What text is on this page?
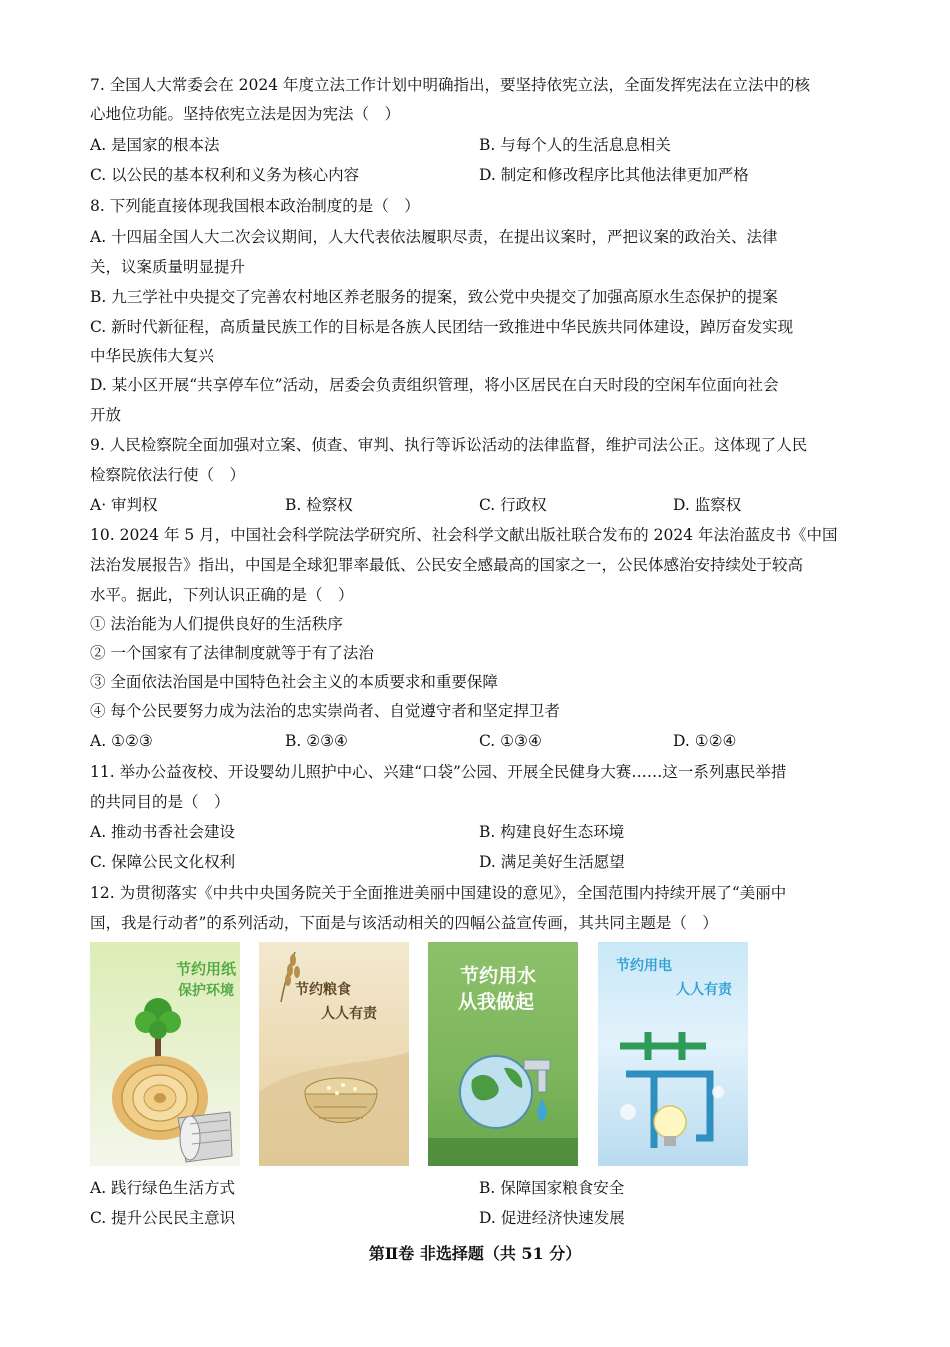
7. 全国人大常委会在 2024 年度立法工作计划中明确指出，要坚持依宪立法，全面发挥宪法在立法中的核
心地位功能。坚持依宪立法是因为宪法（　）
A. 是国家的根本法	B. 与每个人的生活息息相关
C. 以公民的基本权利和义务为核心内容	D. 制定和修改程序比其他法律更加严格
8. 下列能直接体现我国根本政治制度的是（　）
A. 十四届全国人大二次会议期间，人大代表依法履职尽责，在提出议案时，严把议案的政治关、法律
关，议案质量明显提升
B. 九三学社中央提交了完善农村地区养老服务的提案，致公党中央提交了加强高原水生态保护的提案
C. 新时代新征程，高质量民族工作的目标是各族人民团结一致推进中华民族共同体建设，踔厉奋发实现
中华民族伟大复兴
D. 某小区开展“共享停车位”活动，居委会负责组织管理，将小区居民在白天时段的空闲车位面向社会
开放
9. 人民检察院全面加强对立案、侦查、审判、执行等诉讼活动的法律监督，维护司法公正。这体现了人民
检察院依法行使（　）
A· 审判权	B. 检察权	C. 行政权	D. 监察权
10. 2024 年 5 月，中国社会科学院法学研究所、社会科学文献出版社联合发布的 2024 年法治蓝皮书《中国
法治发展报告》指出，中国是全球犯罪率最低、公民安全感最高的国家之一，公民体感治安持续处于较高
水平。据此，下列认识正确的是（　）
① 法治能为人们提供良好的生活秩序
② 一个国家有了法律制度就等于有了法治
③ 全面依法治国是中国特色社会主义的本质要求和重要保障
④ 每个公民要努力成为法治的忠实崇尚者、自觉遵守者和坚定捍卫者
A. ①②③	B. ②③④	C. ①③④	D. ①②④
11. 举办公益夜校、开设婴幼儿照护中心、兴建“口袋”公园、开展全民健身大赛……这一系列惠民举措
的共同目的是（　）
A. 推动书香社会建设	B. 构建良好生态环境
C. 保障公民文化权利	D. 满足美好生活愿望
12. 为贯彻落实《中共中央国务院关于全面推进美丽中国建设的意见》，全国范围内持续开展了“美丽中
国，我是行动者”的系列活动，下面是与该活动相关的四幅公益宣传画，其共同主题是（　）
节约用纸
保护环境	节约粮食
人人有责
节约用水
从我做起
节约用电
人人有责
A. 践行绿色生活方式	B. 保障国家粮食安全
C. 提升公民民主意识	D. 促进经济快速发展
第Ⅱ卷 非选择题（共 51 分）
